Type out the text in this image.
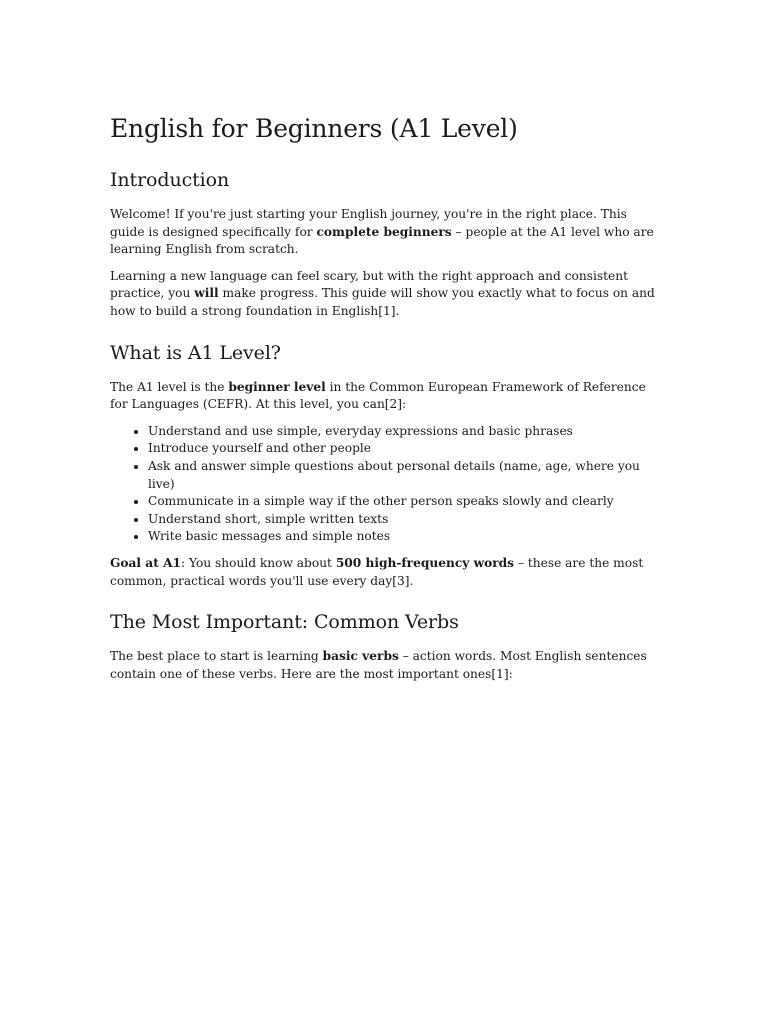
English for Beginners (A1 Level)
Introduction

Welcome! If you're just starting your English journey, you're in the right place. This guide is designed specifically for complete beginners – people at the A1 level who are learning English from scratch.

Learning a new language can feel scary, but with the right approach and consistent practice, you will make progress. This guide will show you exactly what to focus on and how to build a strong foundation in English[1].

What is A1 Level?

The A1 level is the beginner level in the Common European Framework of Reference for Languages (CEFR). At this level, you can[2]:

• Understand and use simple, everyday expressions and basic phrases
• Introduce yourself and other people
• Ask and answer simple questions about personal details (name, age, where you live)
• Communicate in a simple way if the other person speaks slowly and clearly
• Understand short, simple written texts
• Write basic messages and simple notes

Goal at A1: You should know about 500 high-frequency words – these are the most common, practical words you'll use every day[3].

The Most Important: Common Verbs

The best place to start is learning basic verbs – action words. Most English sentences contain one of these verbs. Here are the most important ones[1]:
